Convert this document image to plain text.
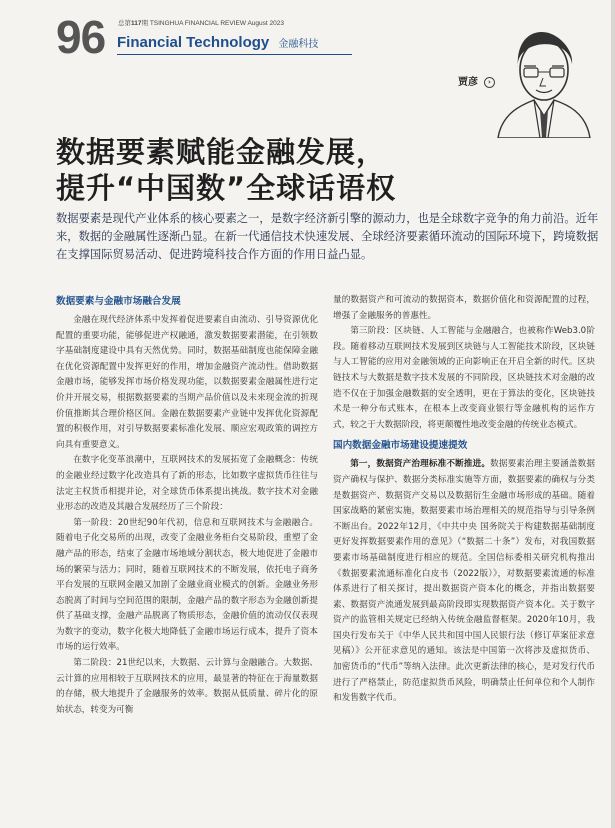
96 总第117期 TSINGHUA FINANCIAL REVIEW August 2023
Financial Technology 金融科技
贾彦 ›
数据要素赋能金融发展，
提升“中国数”全球话语权
数据要素是现代产业体系的核心要素之一，是数字经济新引擎的源动力，也是全球数字竞争的角力前沿。近年来，数据的金融属性逐渐凸显。在新一代通信技术快速发展、全球经济要素循环流动的国际环境下，跨境数据在支撑国际贸易活动、促进跨境科技合作方面的作用日益凸显。
数据要素与金融市场融合发展

金融在现代经济体系中发挥着促进要素自由流动、引导资源优化配置的重要功能，能够促进产权融通，激发数据要素潜能，在引领数字基础制度建设中具有天然优势。同时，数据基础制度也能保障金融在优化资源配置中发挥更好的作用，增加金融资产流动性。借助数据金融市场，能够发挥市场价格发现功能，以数据要素金融属性进行定价并开展交易，根据数据要素的当期产品价值以及未来现金流的折现价值推断其合理价格区间。金融在数据要素产业链中发挥优化资源配置的积极作用，对引导数据要素标准化发展、顺应宏观政策的调控方向具有重要意义。

在数字化变革浪潮中，互联网技术的发展拓宽了金融概念：传统的金融业经过数字化改造具有了新的形态，比如数字虚拟货币往往与法定主权货币相提并论，对全球货币体系提出挑战。数字技术对金融业形态的改造及其融合发展经历了三个阶段：

第一阶段：20世纪90年代初，信息和互联网技术与金融融合。随着电子化交易所的出现，改变了金融业务柜台交易阶段，重塑了金融产品的形态，结束了金融市场地域分割状态，极大地促进了金融市场的繁荣与活力；同时，随着互联网技术的不断发展，依托电子商务平台发展的互联网金融又加剧了金融业商业模式的创新。金融业务形态脱离了时间与空间范围的限制，金融产品的数字形态为金融创新提供了基础支撑，金融产品脱离了物质形态，金融价值的流动仅仅表现为数字的变动，数字化极大地降低了金融市场运行成本，提升了资本市场的运行效率。

第二阶段：21世纪以来，大数据、云计算与金融融合。大数据、云计算的应用相较于互联网技术的应用，最显著的特征在于海量数据的存储，极大地提升了金融服务的效率。数据从低质量、碎片化的原始状态，转变为可衡

量的数据资产和可流动的数据资本，数据价值化和资源配置的过程，增强了金融服务的普惠性。

第三阶段：区块链、人工智能与金融融合，也被称作Web3.0阶段。随着移动互联网技术发展到区块链与人工智能技术阶段，区块链与人工智能的应用对金融领域的正向影响正在开启全新的时代。区块链技术与大数据是数字技术发展的不同阶段，区块链技术对金融的改造不仅在于加强金融数据的安全透明，更在于算法的变化，区块链技术是一种分布式账本，在根本上改变商业银行等金融机构的运作方式，较之于大数据阶段，将更颠覆性地改变金融的传统业态模式。

国内数据金融市场建设提速提效

第一，数据资产治理标准不断推进。数据要素治理主要涵盖数据资产确权与保护、数据分类标准实施等方面，数据要素的确权与分类是数据资产、数据资产交易以及数据衍生金融市场形成的基础。随着国家战略的紧密实施，数据要素市场治理相关的规范指导与引导条例不断出台。2022年12月，《中共中央 国务院关于构建数据基础制度更好发挥数据要素作用的意见》（“数据二十条”）发布，对我国数据要素市场基础制度进行相应的规范。全国信标委相关研究机构推出《数据要素流通标准化白皮书（2022版）》，对数据要素流通的标准体系进行了相关探讨，提出数据资产资本化的概念，并指出数据要素、数据资产流通发展到最高阶段即实现数据资产资本化。关于数字资产的监管相关规定已经纳入传统金融监督框架。2020年10月，我国央行发布关于《中华人民共和国中国人民银行法（修订草案征求意见稿）》公开征求意见的通知。该法是中国第一次将涉及虚拟货币、加密货币的“代币”等纳入法律。此次更新法律的核心，是对发行代币进行了严格禁止，防范虚拟货币风险，明确禁止任何单位和个人制作和发售数字代币。
